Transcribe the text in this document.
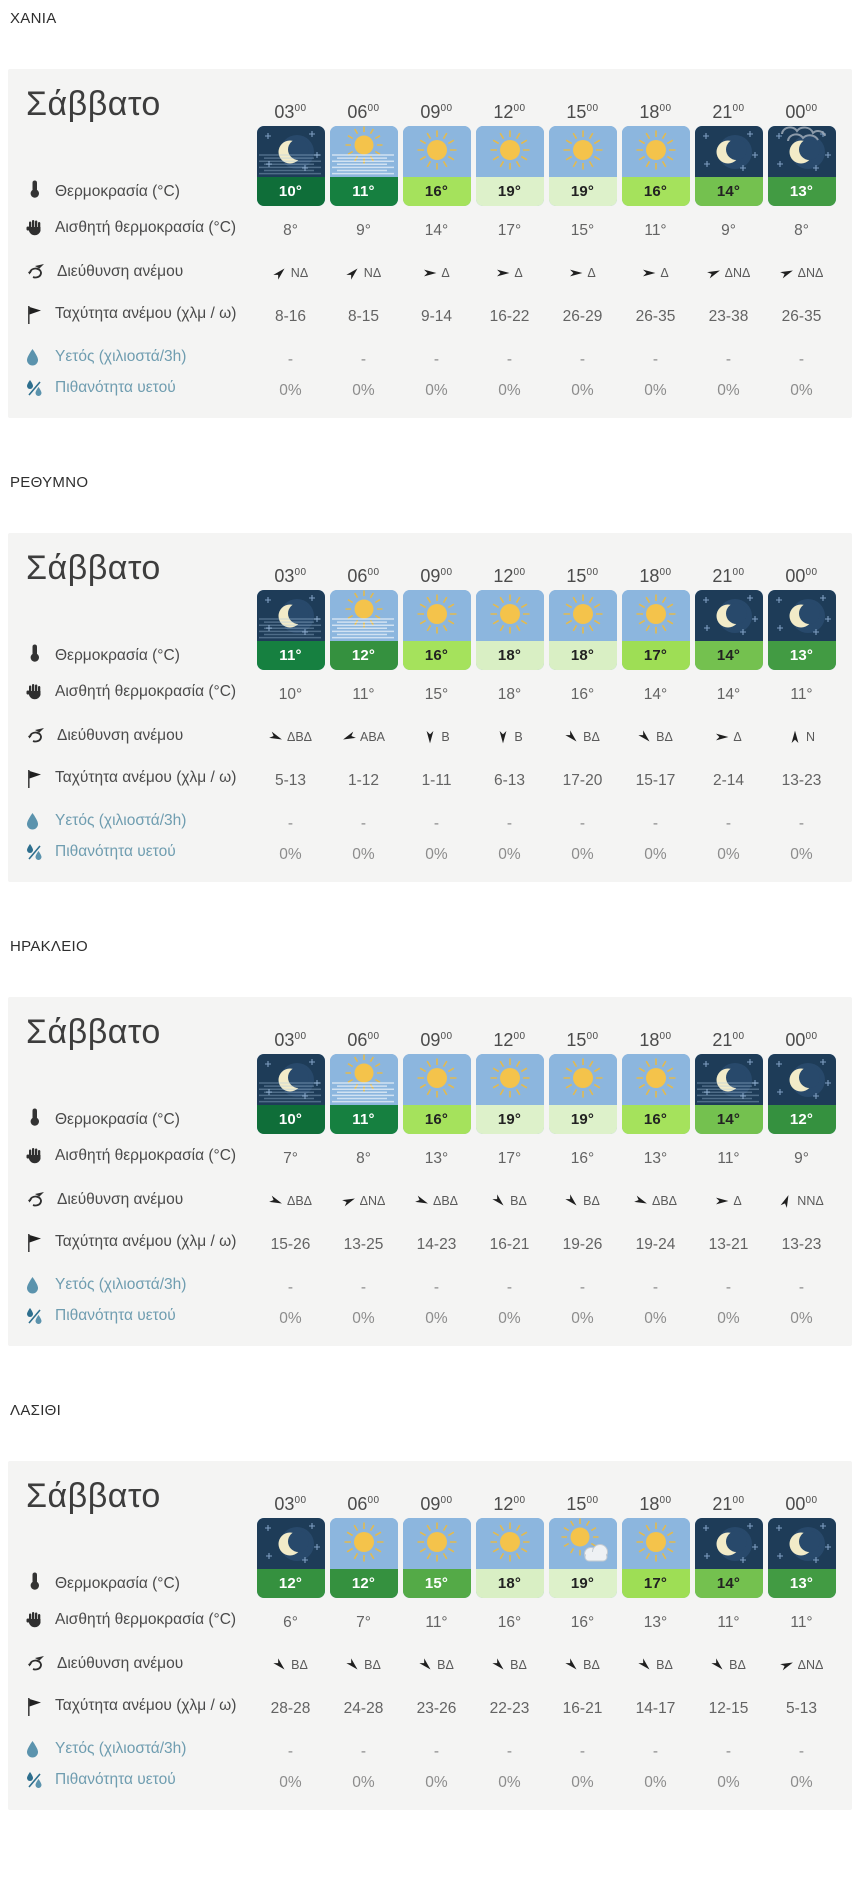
ΧΑΝΙΑ
Σάββατο	$03^{00}$ $06^{00}$ $09^{00}$ $12^{00}$ $15^{00}$ $18^{00}$ $21^{00}$ $00^{00}$
Θερμοκρασία (°C)	10°	11°	16°	19°	19°	16°	14°	13°
Αισθητή θερμοκρασία (°C)	8°	9°	14°	17°	15°	11°	9°	8°
Διεύθυνση ανέμου	ΝΔ	ΝΔ	Δ	Δ	Δ	Δ	ΔΝΔ	ΔΝΔ
Ταχύτητα ανέμου (χλμ / ω) 8-16	8-15	9-14 16-22 26-29 26-35 23-38 26-35
Υετός (χιλιοστά/3h)	-	-	-	-	-	-	-	-
Πιθανότητα υετού	0%	0%	0%	0%	0%	0%	0%	0%
ΡΕΘΥΜΝΟ
Σάββατο	$03^{00}$ $06^{00}$ $09^{00}$ $12^{00}$ $15^{00}$ $18^{00}$ $21^{00}$ $00^{00}$
Θερμοκρασία (°C)	11°	12°	16°	18°	18°	17°	14°	13°
Αισθητή θερμοκρασία (°C)	10°	11°	15°	18°	16°	14°	14°	11°
Διεύθυνση ανέμου	ΔΒΔ	ΑΒΑ	Β	Β	ΒΔ	ΒΔ	Δ	Ν
Ταχύτητα ανέμου (χλμ / ω) 5-13	1-12	1-11	6-13 17-20 15-17 2-14 13-23
Υετός (χιλιοστά/3h)	-	-	-	-	-	-	-	-
Πιθανότητα υετού	0%	0%	0%	0%	0%	0%	0%	0%
ΗΡΑΚΛΕΙΟ
Σάββατο	$03^{00}$ $06^{00}$ $09^{00}$ $12^{00}$ $15^{00}$ $18^{00}$ $21^{00}$ $00^{00}$
Θερμοκρασία (°C)	10°	11°	16°	19°	19°	16°	14°	12°
Αισθητή θερμοκρασία (°C)	7°	8°	13°	17°	16°	13°	11°	9°
Διεύθυνση ανέμου	ΔΒΔ	ΔΝΔ	ΔΒΔ	ΒΔ	ΒΔ	ΔΒΔ	Δ	ΝΝΔ
Ταχύτητα ανέμου (χλμ / ω) 15-26 13-25 14-23 16-21 19-26 19-24 13-21 13-23
Υετός (χιλιοστά/3h)	-	-	-	-	-	-	-	-
Πιθανότητα υετού	0%	0%	0%	0%	0%	0%	0%	0%
ΛΑΣΙΘΙ
Σάββατο	$03^{00}$ $06^{00}$ $09^{00}$ $12^{00}$ $15^{00}$ $18^{00}$ $21^{00}$ $00^{00}$
Θερμοκρασία (°C)	12°	12°	15°	18°	19°	17°	14°	13°
Αισθητή θερμοκρασία (°C)	6°	7°	11°	16°	16°	13°	11°	11°
Διεύθυνση ανέμου	ΒΔ	ΒΔ	ΒΔ	ΒΔ	ΒΔ	ΒΔ	ΒΔ	ΔΝΔ
Ταχύτητα ανέμου (χλμ / ω) 28-28 24-28 23-26 22-23 16-21 14-17 12-15 5-13
Υετός (χιλιοστά/3h)	-	-	-	-	-	-	-	-
Πιθανότητα υετού	0%	0%	0%	0%	0%	0%	0%	0%
